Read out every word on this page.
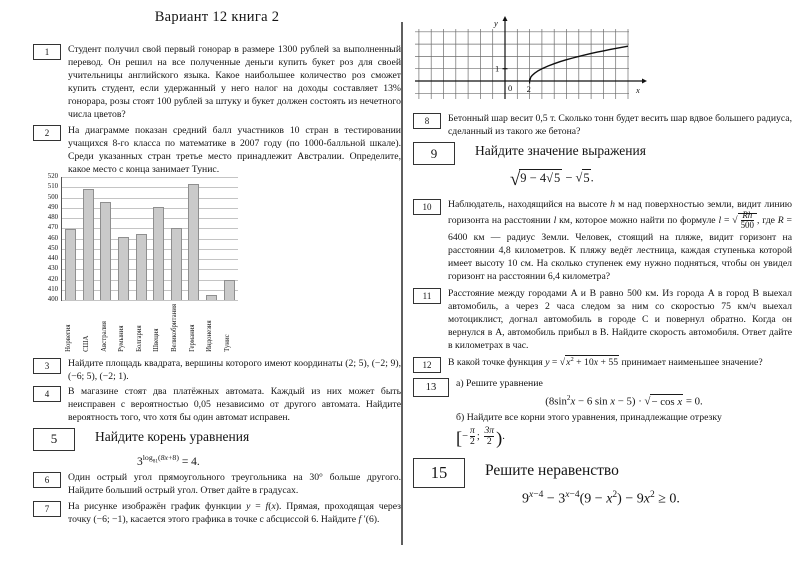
Вариант 12 книга 2
1	Студент получил свой первый гонорар в размере 1300 рублей за выполненный перевод. Он решил на все полученные деньги купить букет роз для своей учительницы английского языка. Какое наибольшее количество роз сможет купить студент, если удержанный у него налог на доходы составляет 13% гонорара, розы стоят 100 рублей за штуку и букет должен состоять из нечетного числа цветов?
2	На диаграмме показан средний балл участников 10 стран в тестировании учащихся 8-го класса по математике в 2007 году (по 1000-балльной шкале). Среди указанных стран третье место принадлежит Австралии. Определите, какое место с конца занимает Тунис.
520
510
500
490
480
470
460
450
440
430
420
410
400
Норвегия США Австралия Румыния Болгария Швеция Великобритания Германия Индонезия Тунис
3	Найдите площадь квадрата, вершины которого имеют координаты (2; 5), (−2; 9), (−6; 5), (−2; 1).
4	В магазине стоят два платёжных автомата. Каждый из них может быть неисправен с вероятностью 0,05 независимо от другого автомата. Найдите вероятность того, что хотя бы один автомат исправен.
5	Найдите корень уравнения
$3^{log_{81}(8x+8)} = 4$.
6	Один острый угол прямоугольного треугольника на 30° больше другого. Найдите больший острый угол. Ответ дайте в градусах.
7	На рисунке изображён график функции y = f(x). Прямая, проходящая через точку (−6; −1), касается этого графика в точке с абсциссой 6. Найдите f ′(6).
y
x
0
1
2
8	Бетонный шар весит 0,5 т. Сколько тонн будет весить шар вдвое большего радиуса, сделанный из такого же бетона?
9	Найдите значение выражения
√9 − 4√5 − √5.
10	Наблюдатель, находящийся на высоте h м над поверхностью земли, видит линию горизонта на расстоянии l км, которое можно найти по формуле l = √ $\frac{Rh}{500}$ , где R = 6400 км — радиус Земли. Человек, стоящий на пляже, видит горизонт на расстоянии 4,8 километров. К пляжу ведёт лестница, каждая ступенька которой имеет высоту 10 см. На сколько ступенек ему нужно подняться, чтобы он увидел горизонт на расстоянии 6,4 километра?
11	Расстояние между городами A и B равно 500 км. Из города A в город B выехал автомобиль, а через 2 часа следом за ним со скоростью 75 км/ч выехал мотоциклист, догнал автомобиль в городе C и повернул обратно. Когда он вернулся в A, автомобиль прибыл в B. Найдите скорость автомобиля. Ответ дайте в километрах в час.
12	В какой точке функция $y = √x^2 + 10x + 55$ принимает наименьшее значение?
13	а) Решите уравнение
($8\sin^2x - 6$ sin x − 5) · √− cos x = 0.
б) Найдите все корни этого уравнения, принадлежащие отрезку
[− $\frac{\pi}{2}$ ; $\frac{3\pi}{2}$ ).
15	Решите неравенство
$9^{x-4} - 3^{x-4}(9 - x^2) - 9x^2 \ge 0$.
